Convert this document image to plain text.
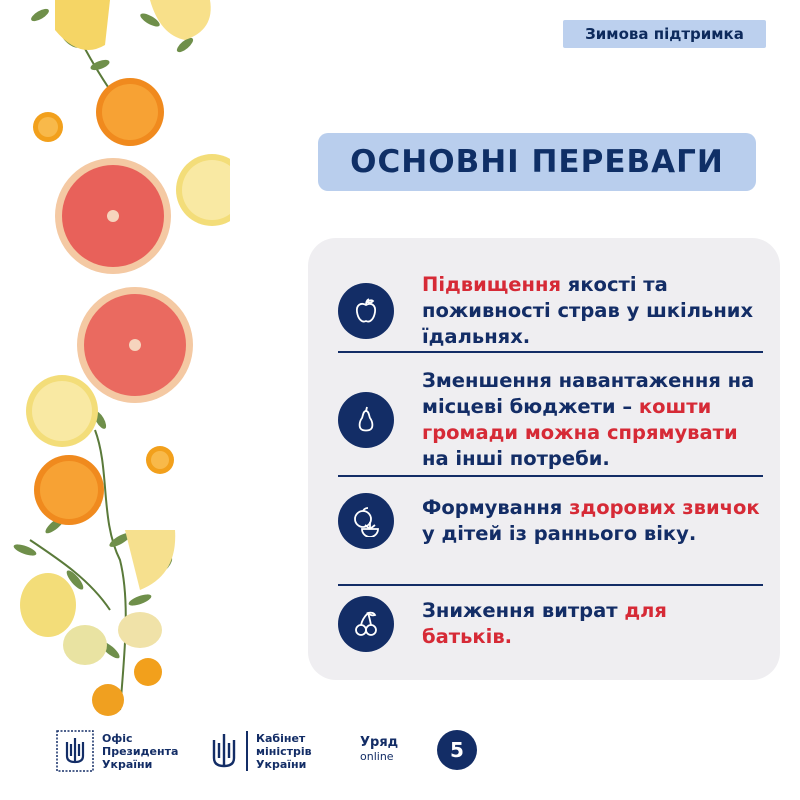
Зимова підтримка
ОСНОВНІ ПЕРЕВАГИ
Підвищення якості та поживності страв у шкільних їдальнях.
Зменшення навантаження на місцеві бюджети – кошти громади можна спрямувати на інші потреби.
Формування здорових звичок у дітей із раннього віку.
Зниження витрат для батьків.
Офіс
Президента
України
Кабінет
міністрів
України
Уряд
online	5
